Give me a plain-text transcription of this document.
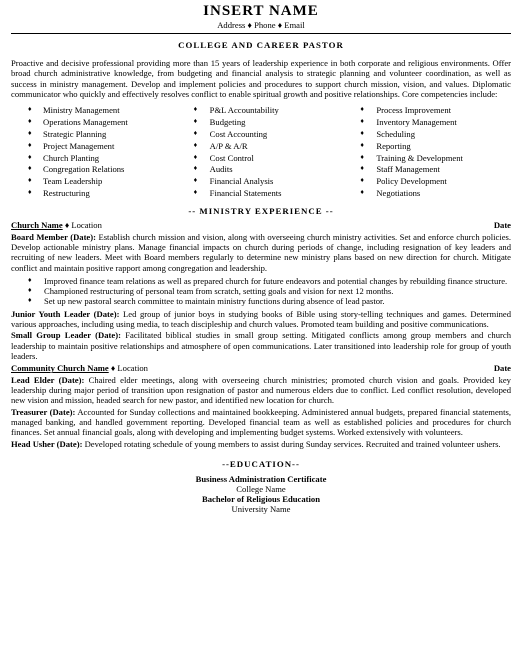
INSERT NAME
Address ♦ Phone ♦ Email
COLLEGE AND CAREER PASTOR

Proactive and decisive professional providing more than 15 years of leadership experience in both corporate and religious environments. Offer broad church administrative knowledge, from budgeting and financial analysis to strategic planning and volunteer coordination, as well as success in ministry management. Develop and implement policies and procedures to support church mission, vision, and values. Diplomatic communicator who quickly and effectively resolves conflict to enable spiritual growth and positive relationships. Core competencies include:

♦ Ministry Management
♦ Operations Management
♦ Strategic Planning
♦ Project Management
♦ Church Planting
♦ Congregation Relations
♦ Team Leadership
♦ Restructuring
♦ P&L Accountability
♦ Budgeting
♦ Cost Accounting
♦ A/P & A/R
♦ Cost Control
♦ Audits
♦ Financial Analysis
♦ Financial Statements
♦ Process Improvement
♦ Inventory Management
♦ Scheduling
♦ Reporting
♦ Training & Development
♦ Staff Management
♦ Policy Development
♦ Negotiations
-- MINISTRY EXPERIENCE --
Church Name ♦ Location	Date

Board Member (Date): Establish church mission and vision, along with overseeing church ministry activities. Set and enforce church policies. Develop actionable ministry plans. Manage financial impacts on church during periods of change, including resignation of key leaders and recruiting of new leaders. Meet with Board members regularly to determine new ministry plans based on new direction for church. Mitigate conflict and maintain positive rapport among congregation and leadership.

♦ Improved finance team relations as well as prepared church for future endeavors and potential changes by rebuilding finance structure.
♦ Championed restructuring of personal team from scratch, setting goals and vision for next 12 months.
♦ Set up new pastoral search committee to maintain ministry functions during absence of lead pastor.

Junior Youth Leader (Date): Led group of junior boys in studying books of Bible using story-telling techniques and games. Determined various approaches, including using media, to teach discipleship and church values. Promoted team building and positive communications.

Small Group Leader (Date): Facilitated biblical studies in small group setting. Mitigated conflicts among group members and church leadership to maintain positive relationships and atmosphere of open communications. Later transitioned into leadership role for group of youth leaders.

Community Church Name ♦ Location	Date

Lead Elder (Date): Chaired elder meetings, along with overseeing church ministries; promoted church vision and goals. Provided key leadership during major period of transition upon resignation of pastor and numerous elders due to conflict. Led conflict resolution, developed new vision and mission, headed search for new pastor, and identified new location for church.

Treasurer (Date): Accounted for Sunday collections and maintained bookkeeping. Administered annual budgets, prepared financial statements, managed banking, and handled government reporting. Developed financial team as well as established policies and procedures for church finances. Set annual financial goals, along with developing and implementing budget systems. Worked extensively with volunteers.

Head Usher (Date): Developed rotating schedule of young members to assist during Sunday services. Recruited and trained volunteer ushers.

--EDUCATION--
Business Administration Certificate
College Name
Bachelor of Religious Education
University Name
